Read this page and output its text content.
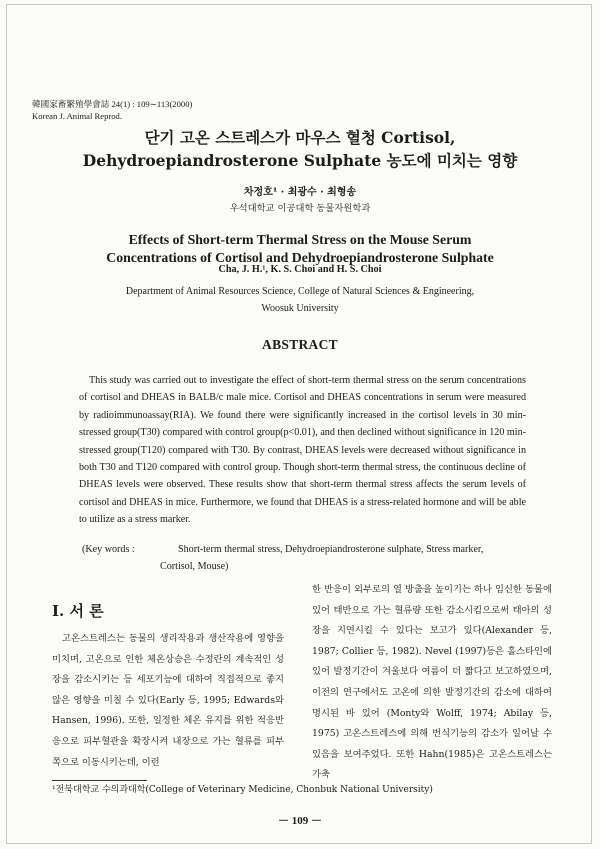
韓國家畜繁殖學會誌 24(1) : 109∼113(2000)
Korean J. Animal Reprod.
단기 고온 스트레스가 마우스 혈청 Cortisol,
Dehydroepiandrosterone Sulphate 농도에 미치는 영향
차정호¹ · 최광수 · 최형송
우석대학교 이공대학 동물자원학과
Effects of Short-term Thermal Stress on the Mouse Serum
Concentrations of Cortisol and Dehydroepiandrosterone Sulphate
Cha, J. H.¹, K. S. Choi and H. S. Choi
Department of Animal Resources Science, College of Natural Sciences & Engineering,
Woosuk University
ABSTRACT
This study was carried out to investigate the effect of short-term thermal stress on the serum concentrations of cortisol and DHEAS in BALB/c male mice. Cortisol and DHEAS concentrations in serum were measured by radioimmunoassay(RIA). We found there were significantly increased in the cortisol levels in 30 min-stressed group(T30) compared with control group(p<0.01), and then declined without significance in 120 min-stressed group(T120) compared with T30. By contrast, DHEAS levels were decreased without significance in both T30 and T120 compared with control group. Though short-term thermal stress, the continuous decline of DHEAS levels were observed. These results show that short-term thermal stress affects the serum levels of cortisol and DHEAS in mice. Furthermore, we found that DHEAS is a stress-related hormone and will be able to utilize as a stress marker.
(Key words :	Short-term thermal stress, Dehydroepiandrosterone sulphate, Stress marker,
Cortisol, Mouse)
Ⅰ. 서 론
고온스트레스는 동물의 생리작용과 생산작용에 영향을 미치며, 고온으로 인한 체온상승은 수정란의 계속적인 성장을 감소시키는 등 세포기능에 대하여 직접적으로 좋지 않은 영향을 미칠 수 있다(Early 등, 1995; Edwards와 Hansen, 1996). 또한, 일정한 체온 유지를 위한 적응반응으로 피부혈관을 확장시켜 내장으로 가는 혈류를 피부 쪽으로 이동시키는데, 이런
한 반응이 외부로의 열 방출을 높이기는 하나 임신한 동물에 있어 태반으로 가는 혈류량 또한 감소시킴으로써 태아의 성장을 지연시킬 수 있다는 보고가 있다(Alexander 등, 1987; Collier 등, 1982). Nevel (1997)등은 홀스타인에 있어 발정기간이 겨울보다 여름이 더 짧다고 보고하였으며, 이전의 연구에서도 고온에 의한 발정기간의 감소에 대하여 명시된 바 있어 (Monty와 Wolff, 1974; Abilay 등, 1975) 고온스트레스에 의해 번식기능의 감소가 일어날 수 있음을 보여주었다. 또한 Hahn(1985)은 고온스트레스는 가축
¹전북대학교 수의과대학(College of Veterinary Medicine, Chonbuk National University)
－ 109 －
